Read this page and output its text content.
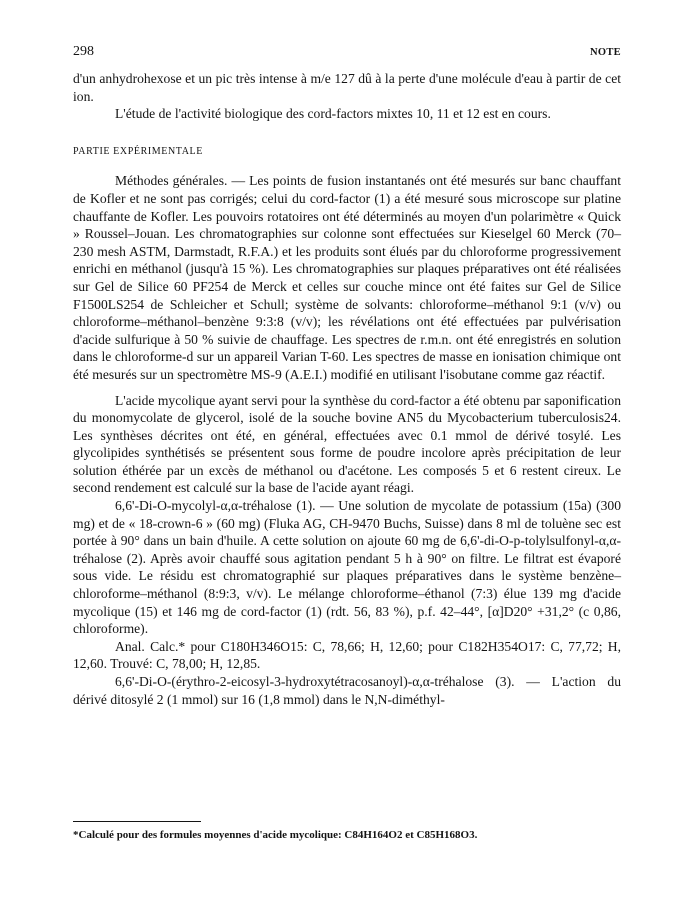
298	NOTE

d'un anhydrohexose et un pic très intense à m/e 127 dû à la perte d'une molécule d'eau à partir de cet ion.

L'étude de l'activité biologique des cord-factors mixtes 10, 11 et 12 est en cours.

PARTIE EXPÉRIMENTALE

Méthodes générales. — Les points de fusion instantanés ont été mesurés sur banc chauffant de Kofler et ne sont pas corrigés; celui du cord-factor (1) a été mesuré sous microscope sur platine chauffante de Kofler. Les pouvoirs rotatoires ont été déterminés au moyen d'un polarimètre « Quick » Roussel–Jouan. Les chromatographies sur colonne sont effectuées sur Kieselgel 60 Merck (70–230 mesh ASTM, Darmstadt, R.F.A.) et les produits sont élués par du chloroforme progressivement enrichi en méthanol (jusqu'à 15 %). Les chromatographies sur plaques préparatives ont été réalisées sur Gel de Silice 60 PF254 de Merck et celles sur couche mince ont été faites sur Gel de Silice F1500LS254 de Schleicher et Schull; système de solvants: chloroforme–méthanol 9:1 (v/v) ou chloroforme–méthanol–benzène 9:3:8 (v/v); les révélations ont été effectuées par pulvérisation d'acide sulfurique à 50 % suivie de chauffage. Les spectres de r.m.n. ont été enregistrés en solution dans le chloroforme-d sur un appareil Varian T-60. Les spectres de masse en ionisation chimique ont été mesurés sur un spectromètre MS-9 (A.E.I.) modifié en utilisant l'isobutane comme gaz réactif.

L'acide mycolique ayant servi pour la synthèse du cord-factor a été obtenu par saponification du monomycolate de glycerol, isolé de la souche bovine AN5 du Mycobacterium tuberculosis24. Les synthèses décrites ont été, en général, effectuées avec 0.1 mmol de dérivé tosylé. Les glycolipides synthétisés se présentent sous forme de poudre incolore après précipitation de leur solution éthérée par un excès de méthanol ou d'acétone. Les composés 5 et 6 restent cireux. Le second rendement est calculé sur la base de l'acide ayant réagi.

6,6'-Di-O-mycolyl-α,α-tréhalose (1). — Une solution de mycolate de potassium (15a) (300 mg) et de « 18-crown-6 » (60 mg) (Fluka AG, CH-9470 Buchs, Suisse) dans 8 ml de toluène sec est portée à 90° dans un bain d'huile. A cette solution on ajoute 60 mg de 6,6'-di-O-p-tolylsulfonyl-α,α-tréhalose (2). Après avoir chauffé sous agitation pendant 5 h à 90° on filtre. Le filtrat est évaporé sous vide. Le résidu est chromatographié sur plaques préparatives dans le système benzène–chloroforme–méthanol (8:9:3, v/v). Le mélange chloroforme–éthanol (7:3) élue 139 mg d'acide mycolique (15) et 146 mg de cord-factor (1) (rdt. 56, 83 %), p.f. 42–44°, [α]D20° +31,2° (c 0,86, chloroforme).

Anal. Calc.* pour C180H346O15: C, 78,66; H, 12,60; pour C182H354O17: C, 77,72; H, 12,60. Trouvé: C, 78,00; H, 12,85.

6,6'-Di-O-(érythro-2-eicosyl-3-hydroxytétracosanoyl)-α,α-tréhalose (3). — L'action du dérivé ditosylé 2 (1 mmol) sur 16 (1,8 mmol) dans le N,N-diméthyl-

*Calculé pour des formules moyennes d'acide mycolique: C84H164O2 et C85H168O3.
